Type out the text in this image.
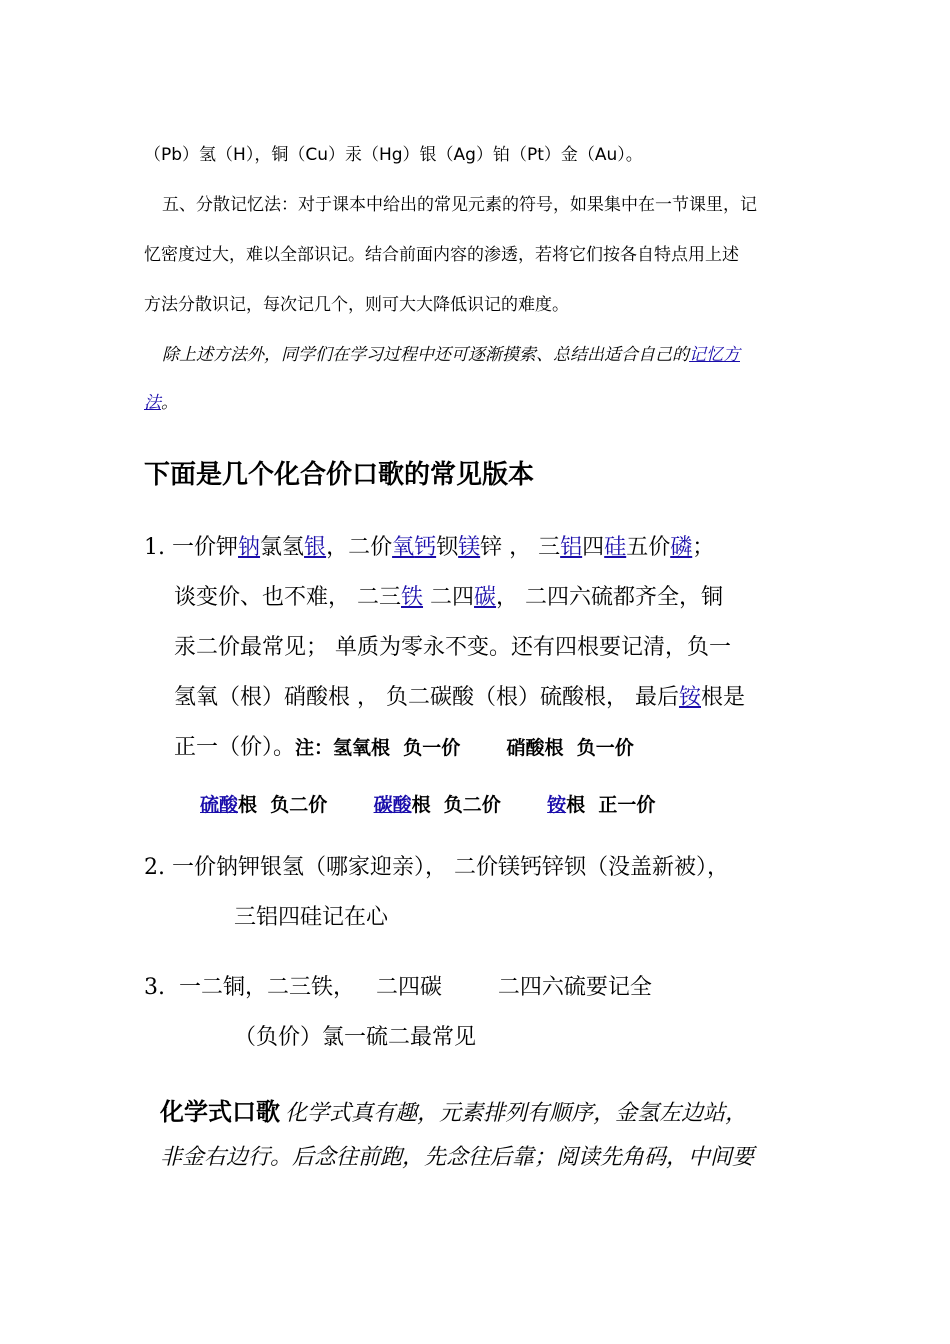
（Pb）氢（H），铜（Cu）汞（Hg）银（Ag）铂（Pt）金（Au）。
五、分散记忆法：对于课本中给出的常见元素的符号，如果集中在一节课里，记
忆密度过大，难以全部识记。结合前面内容的渗透，若将它们按各自特点用上述
方法分散识记，每次记几个，则可大大降低识记的难度。
除上述方法外，同学们在学习过程中还可逐渐摸索、总结出适合自己的记忆方
法。
下面是几个化合价口歌的常见版本
1. 一价钾钠氯氢银，二价氧钙钡镁锌 ， 三铝四硅五价磷；
谈变价、也不难， 二三铁 二四碳， 二四六硫都齐全，铜
汞二价最常见； 单质为零永不变。还有四根要记清，负一
氢氧（根）硝酸根 ， 负二碳酸（根）硫酸根， 最后铵根是
正一（价）。注：氢氧根  负一价       硝酸根  负一价
硫酸根  负二价       碳酸根  负二价       铵根  正一价
2. 一价钠钾银氢（哪家迎亲）， 二价镁钙锌钡（没盖新被），
三铝四硅记在心
3. 一二铜，二三铁，   二四碳        二四六硫要记全
（负价）氯一硫二最常见
化学式口歌 化学式真有趣，元素排列有顺序，金氢左边站，
非金右边行。后念往前跑，先念往后靠；阅读先角码，中间要
